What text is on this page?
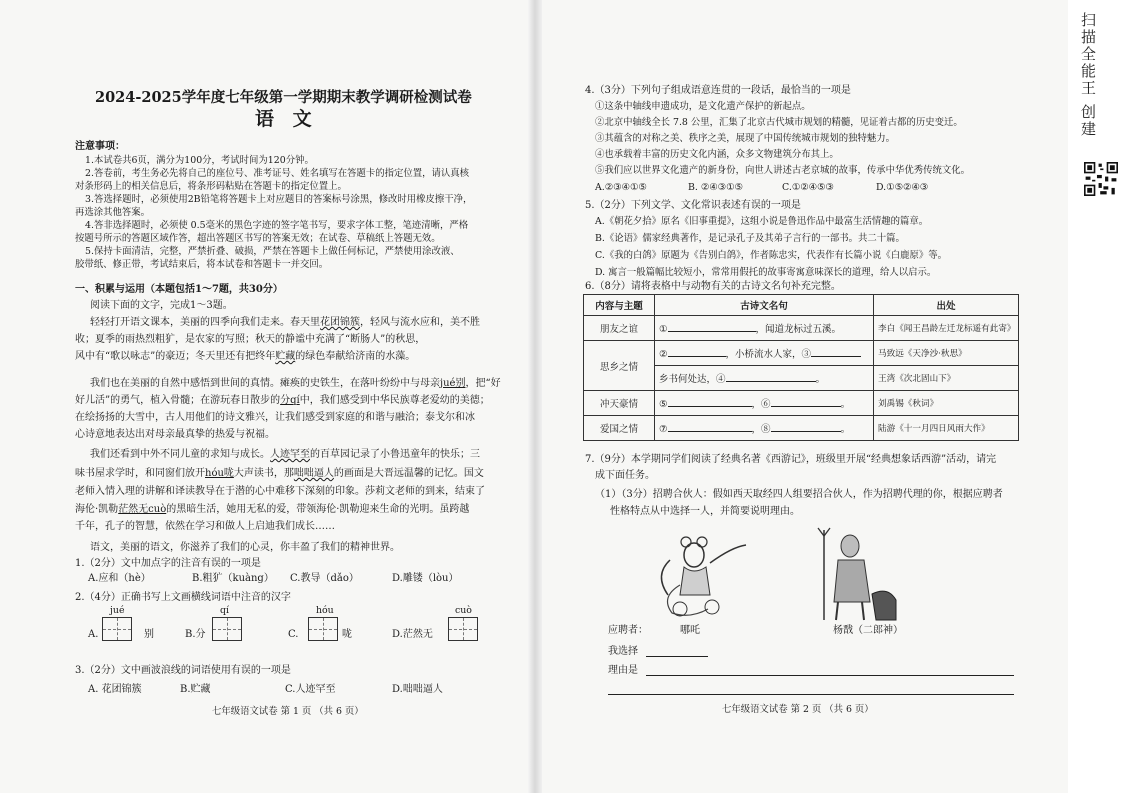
2024-2025学年度七年级第一学期期末教学调研检测试卷
语 文
注意事项：
1.本试卷共6页，满分为100分，考试时间为120分钟。
2.答卷前，考生务必先将自己的座位号、准考证号、姓名填写在答题卡的指定位置，请认真核
对条形码上的相关信息后，将条形码粘贴在答题卡的指定位置上。
3.答选择题时，必须使用2B铅笔将答题卡上对应题目的答案标号涂黑，修改时用橡皮擦干净，
再选涂其他答案。
4.答非选择题时，必须使 0.5毫米的黑色字迹的签字笔书写，要求字体工整，笔迹清晰，严格
按题号所示的答题区域作答，超出答题区书写的答案无效；在试卷、草稿纸上答题无效。
5.保持卡面清洁，完整，严禁折叠、破损，严禁在答题卡上做任何标记，严禁使用涂改液、
胶带纸、修正带，考试结束后，将本试卷和答题卡一并交回。
一、积累与运用（本题包括1～7题，共30分）
阅读下面的文字，完成1～3题。
轻轻打开语文课本，美丽的四季向我们走来。春天里花团锦簇，轻风与流水应和，美不胜
收；夏季的雨热烈粗犷，是农家的写照；秋天的静谧中充满了“断肠人”的秋思，
风中有“歌以咏志”的豪迈；冬天里还有把终年贮藏的绿色奉献给济南的水藻。
我们也在美丽的自然中感悟到世间的真情。瘫痪的史铁生，在落叶纷纷中与母亲jué别，把“好
好儿活”的勇气，植入骨髓；在游玩春日散步的分qí中，我们感受到中华民族尊老爱幼的美德；
在绘扬扬的大雪中，古人用他们的诗文雅兴，让我们感受到家庭的和谐与融洽；泰戈尔和冰
心诗意地表达出对母亲最真挚的热爱与祝福。
我们还看到中外不同儿童的求知与成长。人迹罕至的百草园记录了小鲁迅童年的快乐；三
味书屋求学时，和同窗们放开hóu咙大声读书，那咄咄逼人的画面是大晋远温馨的记忆。国文
老师入情入理的讲解和译读教导在于潜的心中难移下深刻的印象。莎莉文老师的到来，结束了
海伦·凯勒茫然无cuò的黑暗生活，她用无私的爱，带领海伦·凯勒迎来生命的光明。虽跨越
千年，孔子的智慧，依然在学习和做人上启迪我们成长……
语文，美丽的语文，你滋养了我们的心灵，你丰盈了我们的精神世界。
1.（2分）文中加点字的注音有误的一项是
A.应和（hè）	B.粗犷（kuàng） C.教导（dǎo）	D.雕镂（lòu）
2.（4分）正确书写上文画横线词语中注音的汉字
jué	qí	hóu	cuò
A.	别	B.分	C.	咙	D.茫然无
3.（2分）文中画波浪线的词语使用有误的一项是
A. 花团锦簇	B.贮藏	C.人迹罕至	D.咄咄逼人
七年级语文试卷 第 1 页 （共 6 页）
4.（3分）下列句子组成语意连贯的一段话，最恰当的一项是
①这条中轴线申遗成功，是文化遗产保护的新起点。
②北京中轴线全长 7.8 公里，汇集了北京古代城市规划的精髓，见证着古都的历史变迁。
③其蕴含的对称之美、秩序之美，展现了中国传统城市规划的独特魅力。
④也承载着丰富的历史文化内涵，众多文物建筑分布其上。
⑤我们应以世界文化遗产的新身份，向世人讲述古老京城的故事，传承中华优秀传统文化。
A.②③④①⑤	B. ②④③①⑤	C.①②④⑤③	D.①⑤②④③
5.（2分）下列文学、文化常识表述有误的一项是
A.《朝花夕拾》原名《旧事重提》，这组小说是鲁迅作品中最富生活情趣的篇章。
B.《论语》儒家经典著作，是记录孔子及其弟子言行的一部书。共二十篇。
C.《我的白鸽》原题为《告别白鸽》，作者陈忠实，代表作有长篇小说《白鹿原》等。
D. 寓言一般篇幅比较短小，常常用假托的故事寄寓意味深长的道理，给人以启示。
6.（8分）请将表格中与动物有关的古诗文名句补充完整。
内容与主题	古诗文名句	出处
朋友之谊	① ，闻道龙标过五溪。	李白《闻王昌龄左迁龙标遥有此寄》
思乡之情	② ，小桥流水人家，③	马致远《天净沙·秋思》
	乡书何处达，④ 。	王湾《次北固山下》
冲天豪情	⑤ ，⑥ 。	刘禹锡《秋词》
爱国之情	⑦ ，⑧ 。	陆游《十一月四日风雨大作》
7.（9分）本学期同学们阅读了经典名著《西游记》，班级里开展“经典想象话西游”活动，请完
成下面任务。
（1）（3分）招聘合伙人：假如西天取经四人组要招合伙人，作为招聘代理的你，根据应聘者
性格特点从中选择一人，并简要说明理由。
应聘者：	哪吒	杨戬（二郎神）
我选择
理由是
七年级语文试卷 第 2 页 （共 6 页）
扫描全能王 创建
